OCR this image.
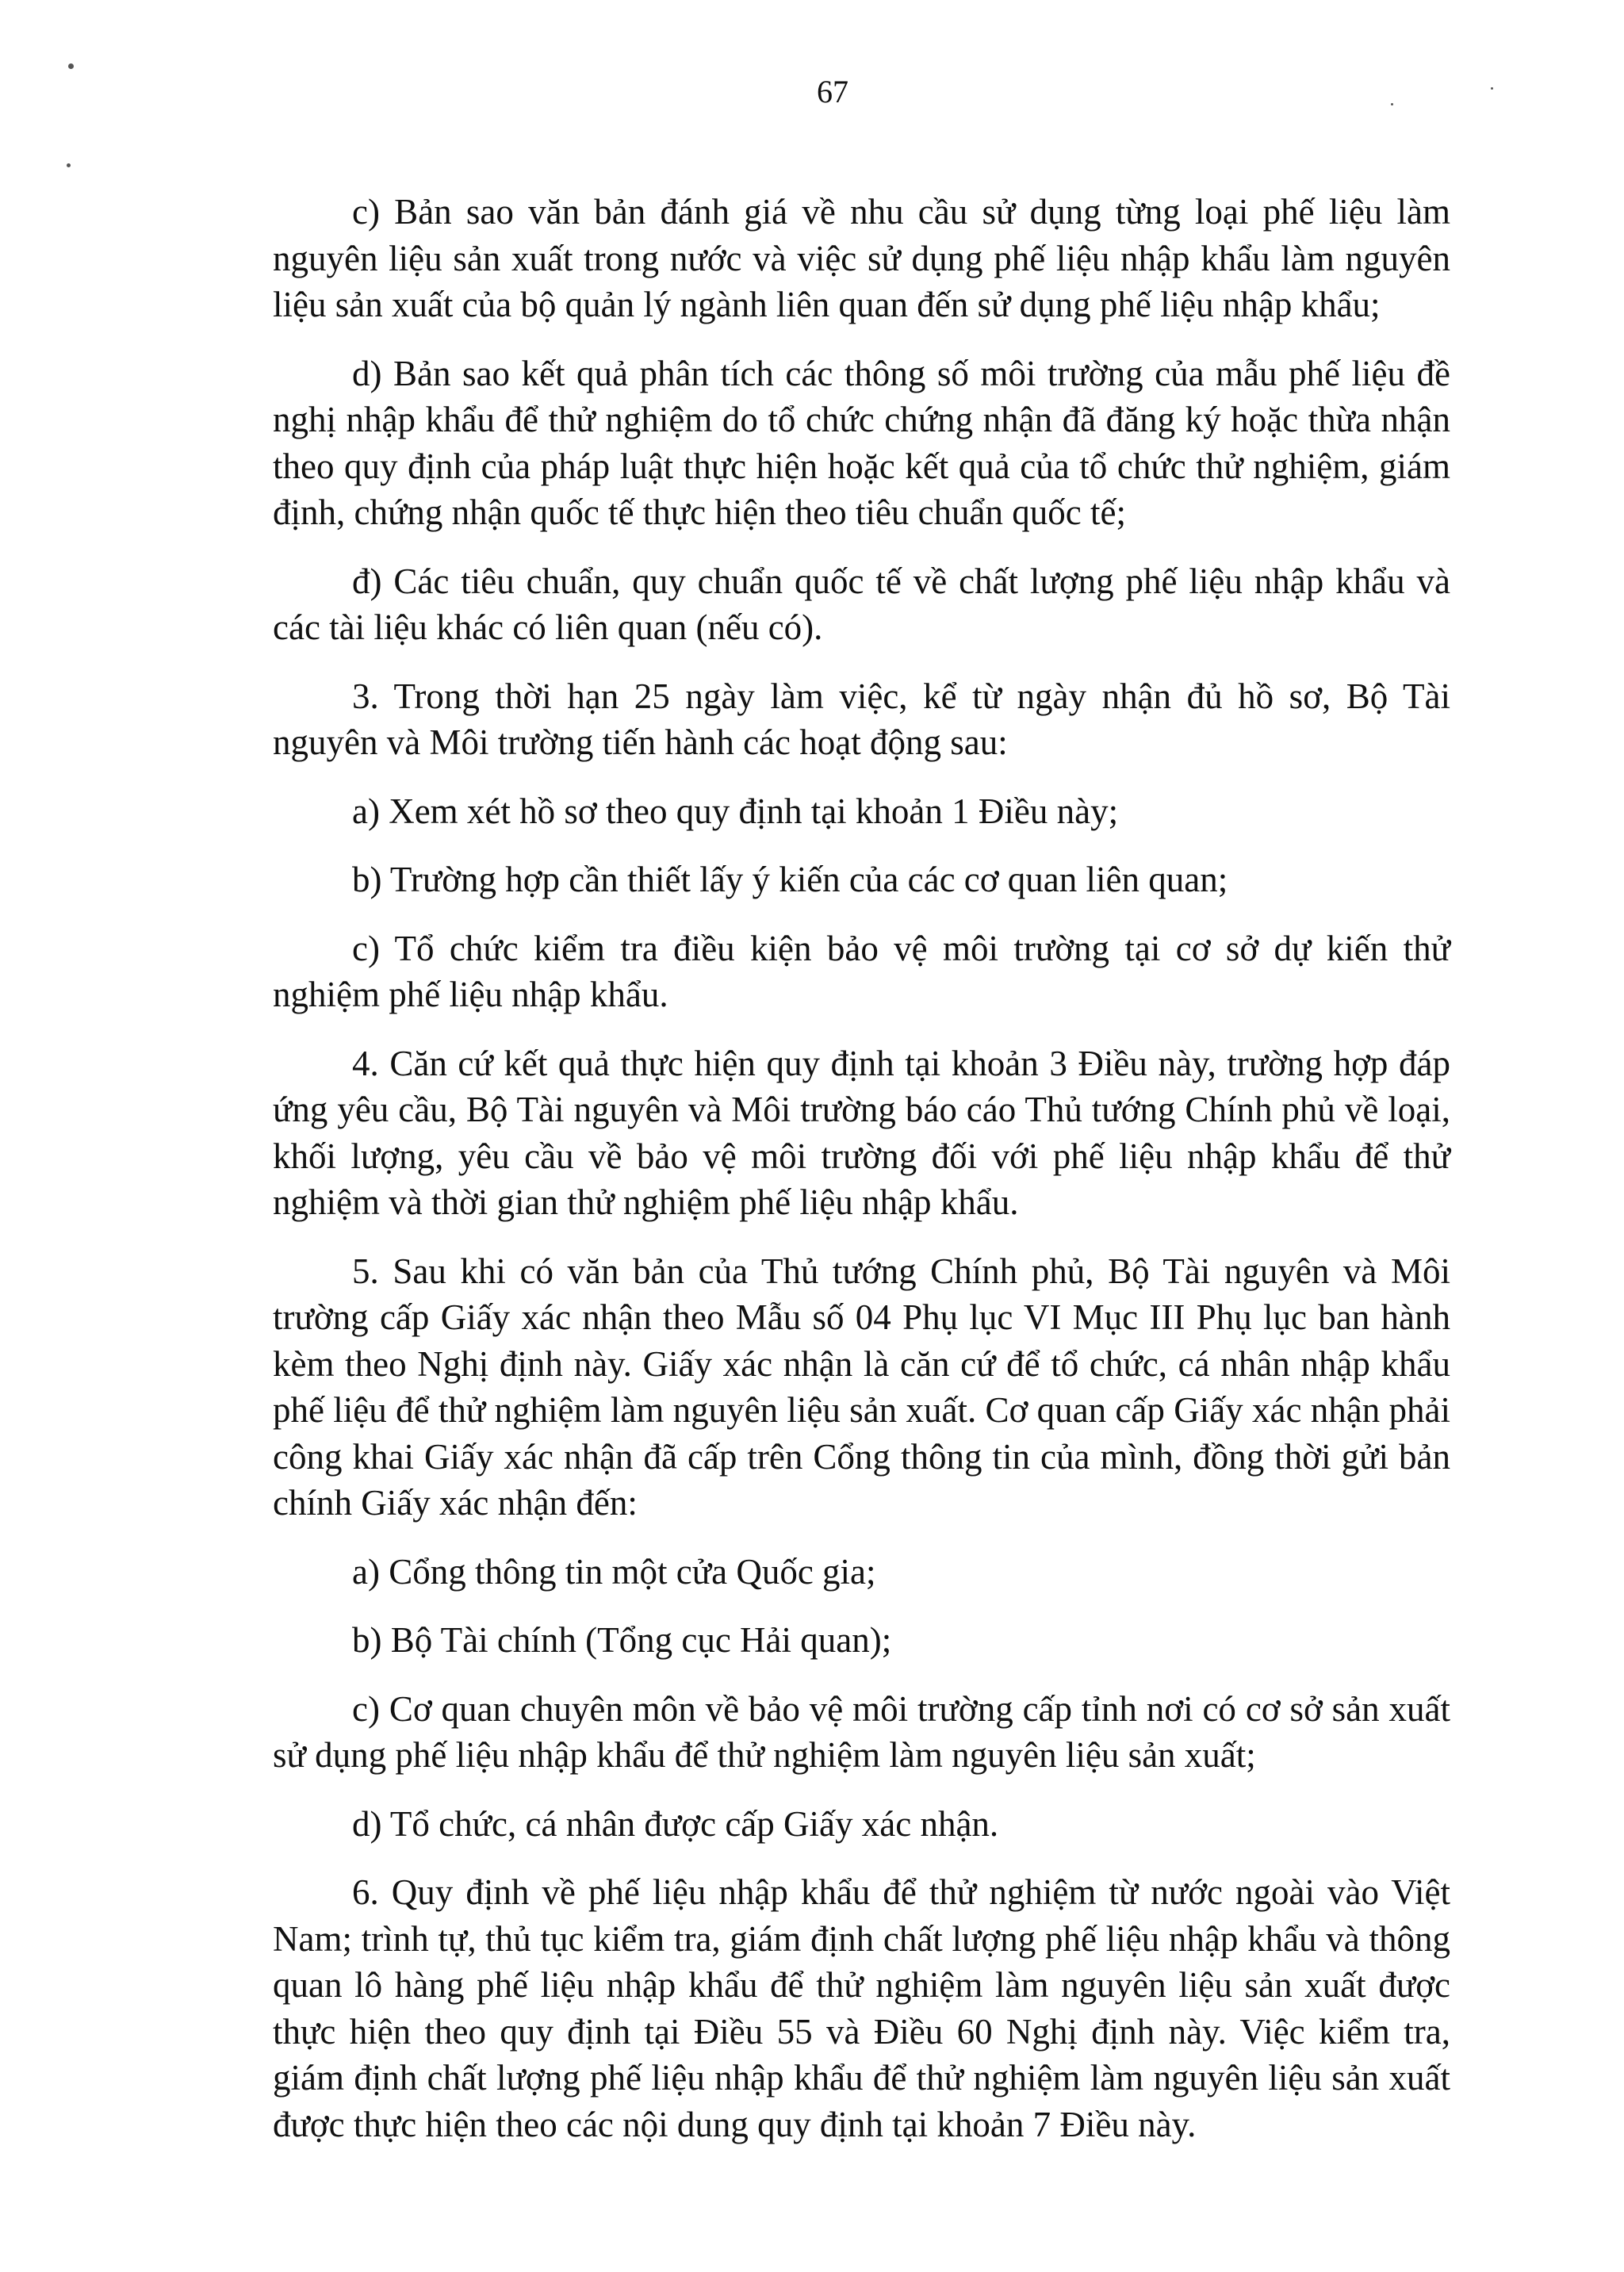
67

c) Bản sao văn bản đánh giá về nhu cầu sử dụng từng loại phế liệu làm nguyên liệu sản xuất trong nước và việc sử dụng phế liệu nhập khẩu làm nguyên liệu sản xuất của bộ quản lý ngành liên quan đến sử dụng phế liệu nhập khẩu;

d) Bản sao kết quả phân tích các thông số môi trường của mẫu phế liệu đề nghị nhập khẩu để thử nghiệm do tổ chức chứng nhận đã đăng ký hoặc thừa nhận theo quy định của pháp luật thực hiện hoặc kết quả của tổ chức thử nghiệm, giám định, chứng nhận quốc tế thực hiện theo tiêu chuẩn quốc tế;

đ) Các tiêu chuẩn, quy chuẩn quốc tế về chất lượng phế liệu nhập khẩu và các tài liệu khác có liên quan (nếu có).

3. Trong thời hạn 25 ngày làm việc, kể từ ngày nhận đủ hồ sơ, Bộ Tài nguyên và Môi trường tiến hành các hoạt động sau:

a) Xem xét hồ sơ theo quy định tại khoản 1 Điều này;

b) Trường hợp cần thiết lấy ý kiến của các cơ quan liên quan;

c) Tổ chức kiểm tra điều kiện bảo vệ môi trường tại cơ sở dự kiến thử nghiệm phế liệu nhập khẩu.

4. Căn cứ kết quả thực hiện quy định tại khoản 3 Điều này, trường hợp đáp ứng yêu cầu, Bộ Tài nguyên và Môi trường báo cáo Thủ tướng Chính phủ về loại, khối lượng, yêu cầu về bảo vệ môi trường đối với phế liệu nhập khẩu để thử nghiệm và thời gian thử nghiệm phế liệu nhập khẩu.

5. Sau khi có văn bản của Thủ tướng Chính phủ, Bộ Tài nguyên và Môi trường cấp Giấy xác nhận theo Mẫu số 04 Phụ lục VI Mục III Phụ lục ban hành kèm theo Nghị định này. Giấy xác nhận là căn cứ để tổ chức, cá nhân nhập khẩu phế liệu để thử nghiệm làm nguyên liệu sản xuất. Cơ quan cấp Giấy xác nhận phải công khai Giấy xác nhận đã cấp trên Cổng thông tin của mình, đồng thời gửi bản chính Giấy xác nhận đến:

a) Cổng thông tin một cửa Quốc gia;

b) Bộ Tài chính (Tổng cục Hải quan);

c) Cơ quan chuyên môn về bảo vệ môi trường cấp tỉnh nơi có cơ sở sản xuất sử dụng phế liệu nhập khẩu để thử nghiệm làm nguyên liệu sản xuất;

d) Tổ chức, cá nhân được cấp Giấy xác nhận.

6. Quy định về phế liệu nhập khẩu để thử nghiệm từ nước ngoài vào Việt Nam; trình tự, thủ tục kiểm tra, giám định chất lượng phế liệu nhập khẩu và thông quan lô hàng phế liệu nhập khẩu để thử nghiệm làm nguyên liệu sản xuất được thực hiện theo quy định tại Điều 55 và Điều 60 Nghị định này. Việc kiểm tra, giám định chất lượng phế liệu nhập khẩu để thử nghiệm làm nguyên liệu sản xuất được thực hiện theo các nội dung quy định tại khoản 7 Điều này.
